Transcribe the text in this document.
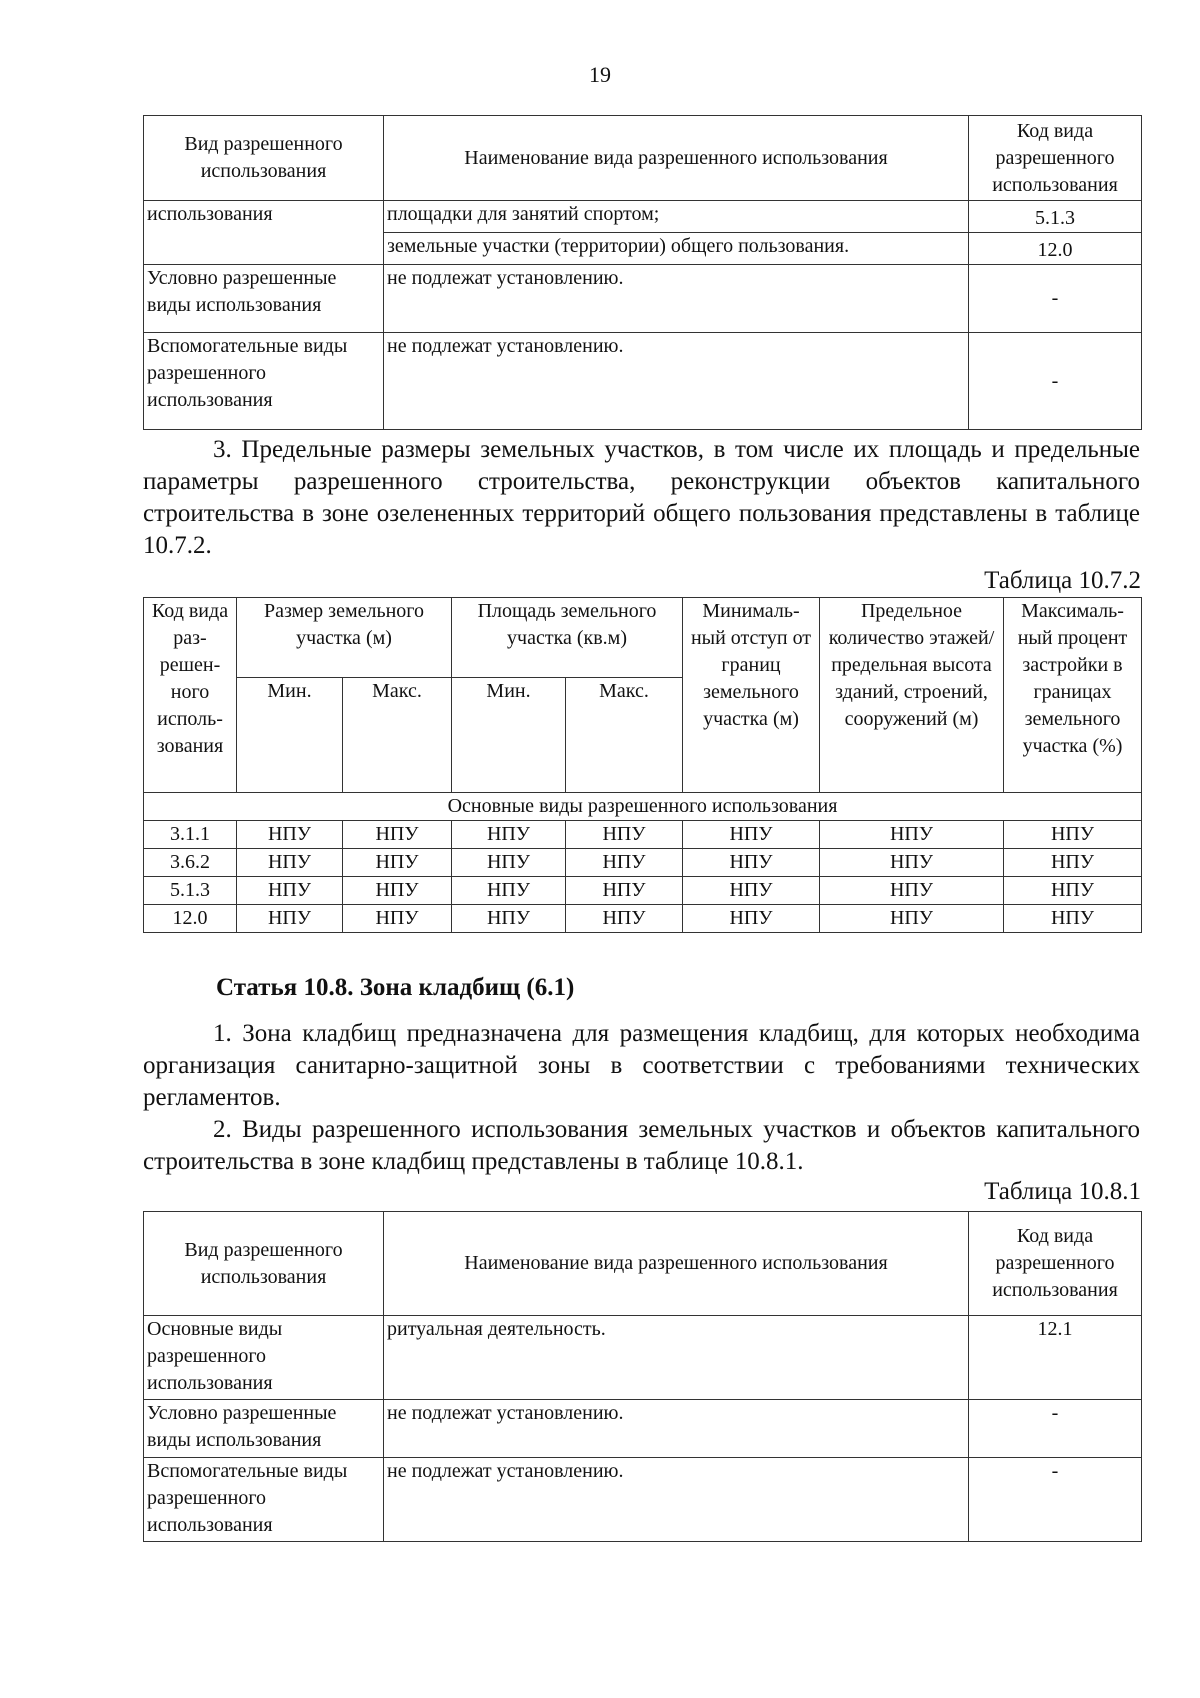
19
Вид разрешенного использования	Наименование вида разрешенного использования	Код вида разрешенного использования
использования	площадки для занятий спортом;	5.1.3
	земельные участки (территории) общего пользования.	12.0
Условно разрешенные виды использования	не подлежат установлению.	-
Вспомогательные виды разрешенного использования	не подлежат установлению.	-

3. Предельные размеры земельных участков, в том числе их площадь и предельные параметры разрешенного строительства, реконструкции объектов капитального строительства в зоне озелененных территорий общего пользования представлены в таблице 10.7.2.

Таблица 10.7.2
Код вида раз-решен-ного исполь-зования	Размер земельного участка (м)		Площадь земельного участка (кв.м)		Минималь-ный отступ от границ земельного участка (м)	Предельное количество этажей/ предельная высота зданий, строений, сооружений (м)	Максималь-ный процент застройки в границах земельного участка (%)
	Мин.	Макс.	Мин.	Макс.			
Основные виды разрешенного использования							
3.1.1	НПУ	НПУ	НПУ	НПУ	НПУ	НПУ	НПУ
3.6.2	НПУ	НПУ	НПУ	НПУ	НПУ	НПУ	НПУ
5.1.3	НПУ	НПУ	НПУ	НПУ	НПУ	НПУ	НПУ
12.0	НПУ	НПУ	НПУ	НПУ	НПУ	НПУ	НПУ
Статья 10.8. Зона кладбищ (6.1)

1. Зона кладбищ предназначена для размещения кладбищ, для которых необходима организация санитарно-защитной зоны в соответствии с требованиями технических регламентов.

2. Виды разрешенного использования земельных участков и объектов капитального строительства в зоне кладбищ представлены в таблице 10.8.1.

Таблица 10.8.1
Вид разрешенного использования	Наименование вида разрешенного использования	Код вида разрешенного использования
Основные виды разрешенного использования	ритуальная деятельность.	12.1
Условно разрешенные виды использования	не подлежат установлению.	-
Вспомогательные виды разрешенного использования	не подлежат установлению.	-
